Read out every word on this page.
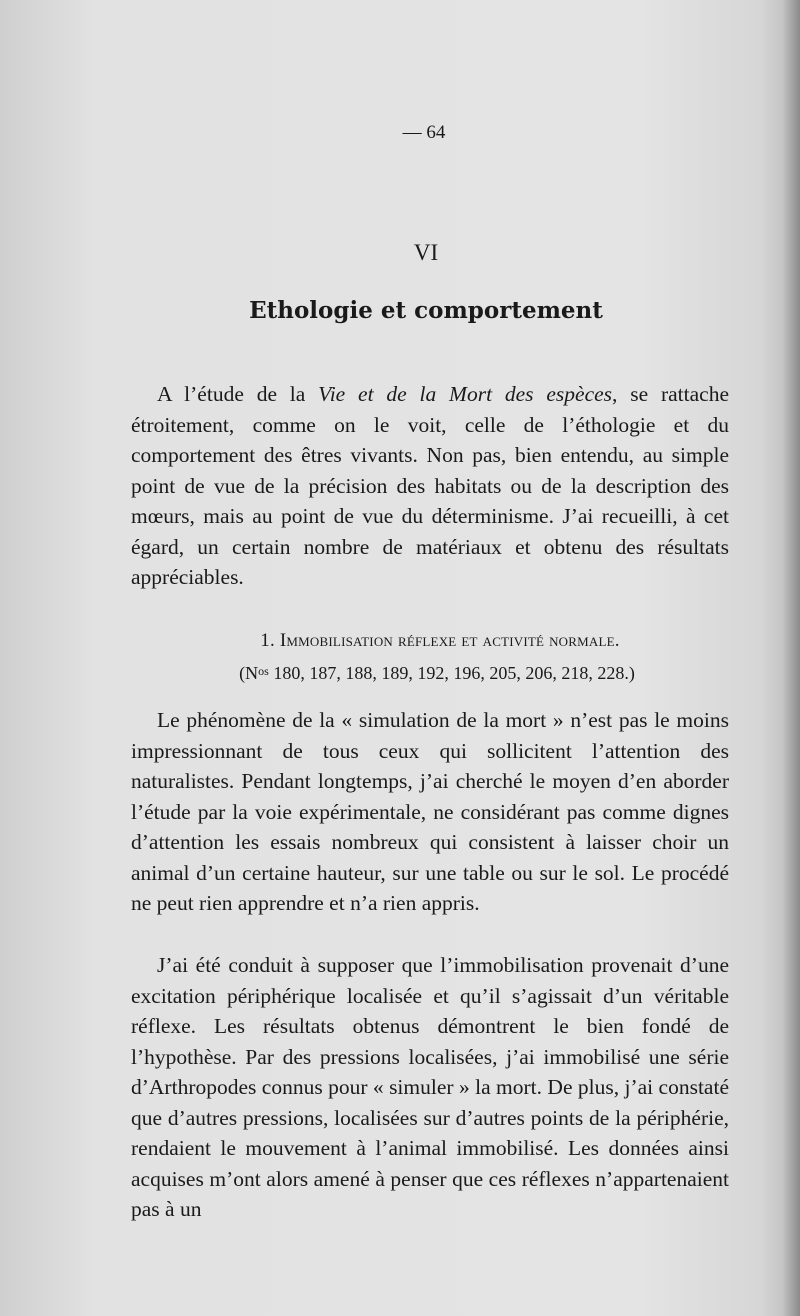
— 64
VI
Ethologie et comportement

A l’étude de la Vie et de la Mort des espèces, se rattache étroitement, comme on le voit, celle de l’éthologie et du comportement des êtres vivants. Non pas, bien entendu, au simple point de vue de la précision des habitats ou de la description des mœurs, mais au point de vue du déterminisme. J’ai recueilli, à cet égard, un certain nombre de matériaux et obtenu des résultats appréciables.

1. Immobilisation réflexe et activité normale.
($N^{os}$ 180, 187, 188, 189, 192, 196, 205, 206, 218, 228.)

Le phénomène de la « simulation de la mort » n’est pas le moins impressionnant de tous ceux qui sollicitent l’attention des naturalistes. Pendant longtemps, j’ai cherché le moyen d’en aborder l’étude par la voie expérimentale, ne considérant pas comme dignes d’attention les essais nombreux qui consistent à laisser choir un animal d’un certaine hauteur, sur une table ou sur le sol. Le procédé ne peut rien apprendre et n’a rien appris.

J’ai été conduit à supposer que l’immobilisation provenait d’une excitation périphérique localisée et qu’il s’agissait d’un véritable réflexe. Les résultats obtenus démontrent le bien fondé de l’hypothèse. Par des pressions localisées, j’ai immobilisé une série d’Arthropodes connus pour « simuler » la mort. De plus, j’ai constaté que d’autres pressions, localisées sur d’autres points de la périphérie, rendaient le mouvement à l’animal immobilisé. Les données ainsi acquises m’ont alors amené à penser que ces réflexes n’appartenaient pas à un
